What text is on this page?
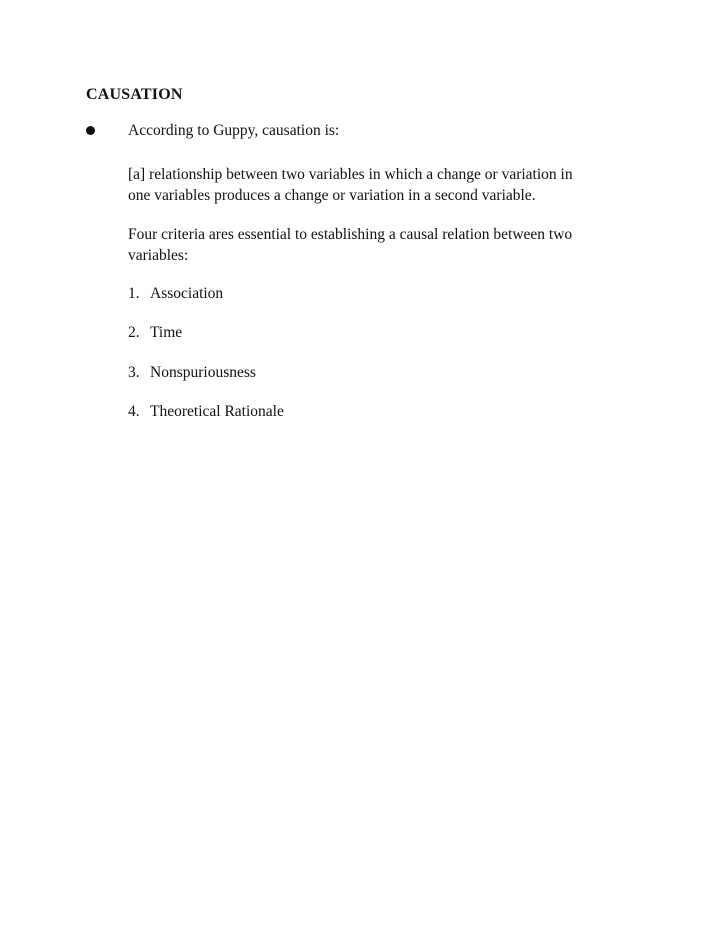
CAUSATION
According to Guppy, causation is:
[a] relationship between two variables in which a change or variation in
one variables produces a change or variation in a second variable.
Four criteria ares essential to establishing a causal relation between two
variables:
1. Association
2. Time
3. Nonspuriousness
4. Theoretical Rationale
